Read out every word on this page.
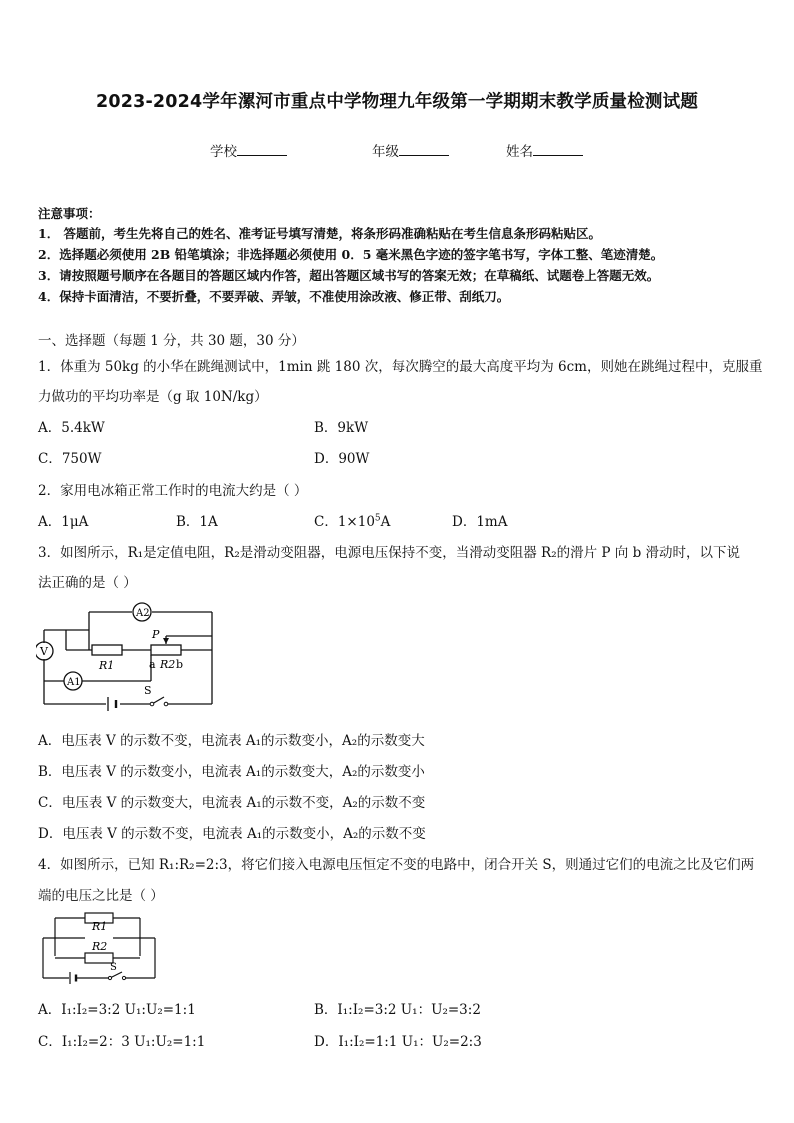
2023-2024学年漯河市重点中学物理九年级第一学期期末教学质量检测试题
学校	年级	姓名
注意事项：
1． 答题前，考生先将自己的姓名、准考证号填写清楚，将条形码准确粘贴在考生信息条形码粘贴区。
2．选择题必须使用 2B 铅笔填涂；非选择题必须使用 0．5 毫米黑色字迹的签字笔书写，字体工整、笔迹清楚。
3．请按照题号顺序在各题目的答题区域内作答，超出答题区域书写的答案无效；在草稿纸、试题卷上答题无效。
4．保持卡面清洁，不要折叠，不要弄破、弄皱，不准使用涂改液、修正带、刮纸刀。
一、选择题（每题 1 分，共 30 题，30 分）
1．体重为 50kg 的小华在跳绳测试中，1min 跳 180 次，每次腾空的最大高度平均为 6cm，则她在跳绳过程中，克服重
力做功的平均功率是（g 取 10N/kg）
A．5.4kW	B．9kW
C．750W	D．90W
2．家用电冰箱正常工作时的电流大约是（ ）
A．1μA	B．1A	C．$1\times 10^5A$	D．1mA
3．如图所示，R₁是定值电阻，R₂是滑动变阻器，电源电压保持不变，当滑动变阻器 R₂的滑片 P 向 b 滑动时，以下说
法正确的是（ ）
A2
V
A1
R1
P
a R2 b
S
A．电压表 V 的示数不变，电流表 A₁的示数变小，A₂的示数变大
B．电压表 V 的示数变小，电流表 A₁的示数变大，A₂的示数变小
C．电压表 V 的示数变大，电流表 A₁的示数不变，A₂的示数不变
D．电压表 V 的示数不变，电流表 A₁的示数变小，A₂的示数不变
4．如图所示，已知 R₁:R₂=2:3，将它们接入电源电压恒定不变的电路中，闭合开关 S，则通过它们的电流之比及它们两
端的电压之比是（ ）
R1
R2
S
A．I₁:I₂=3:2 U₁:U₂=1:1	B．I₁:I₂=3:2 U₁：U₂=3:2
C．I₁:I₂=2：3 U₁:U₂=1:1	D．I₁:I₂=1:1 U₁：U₂=2:3
